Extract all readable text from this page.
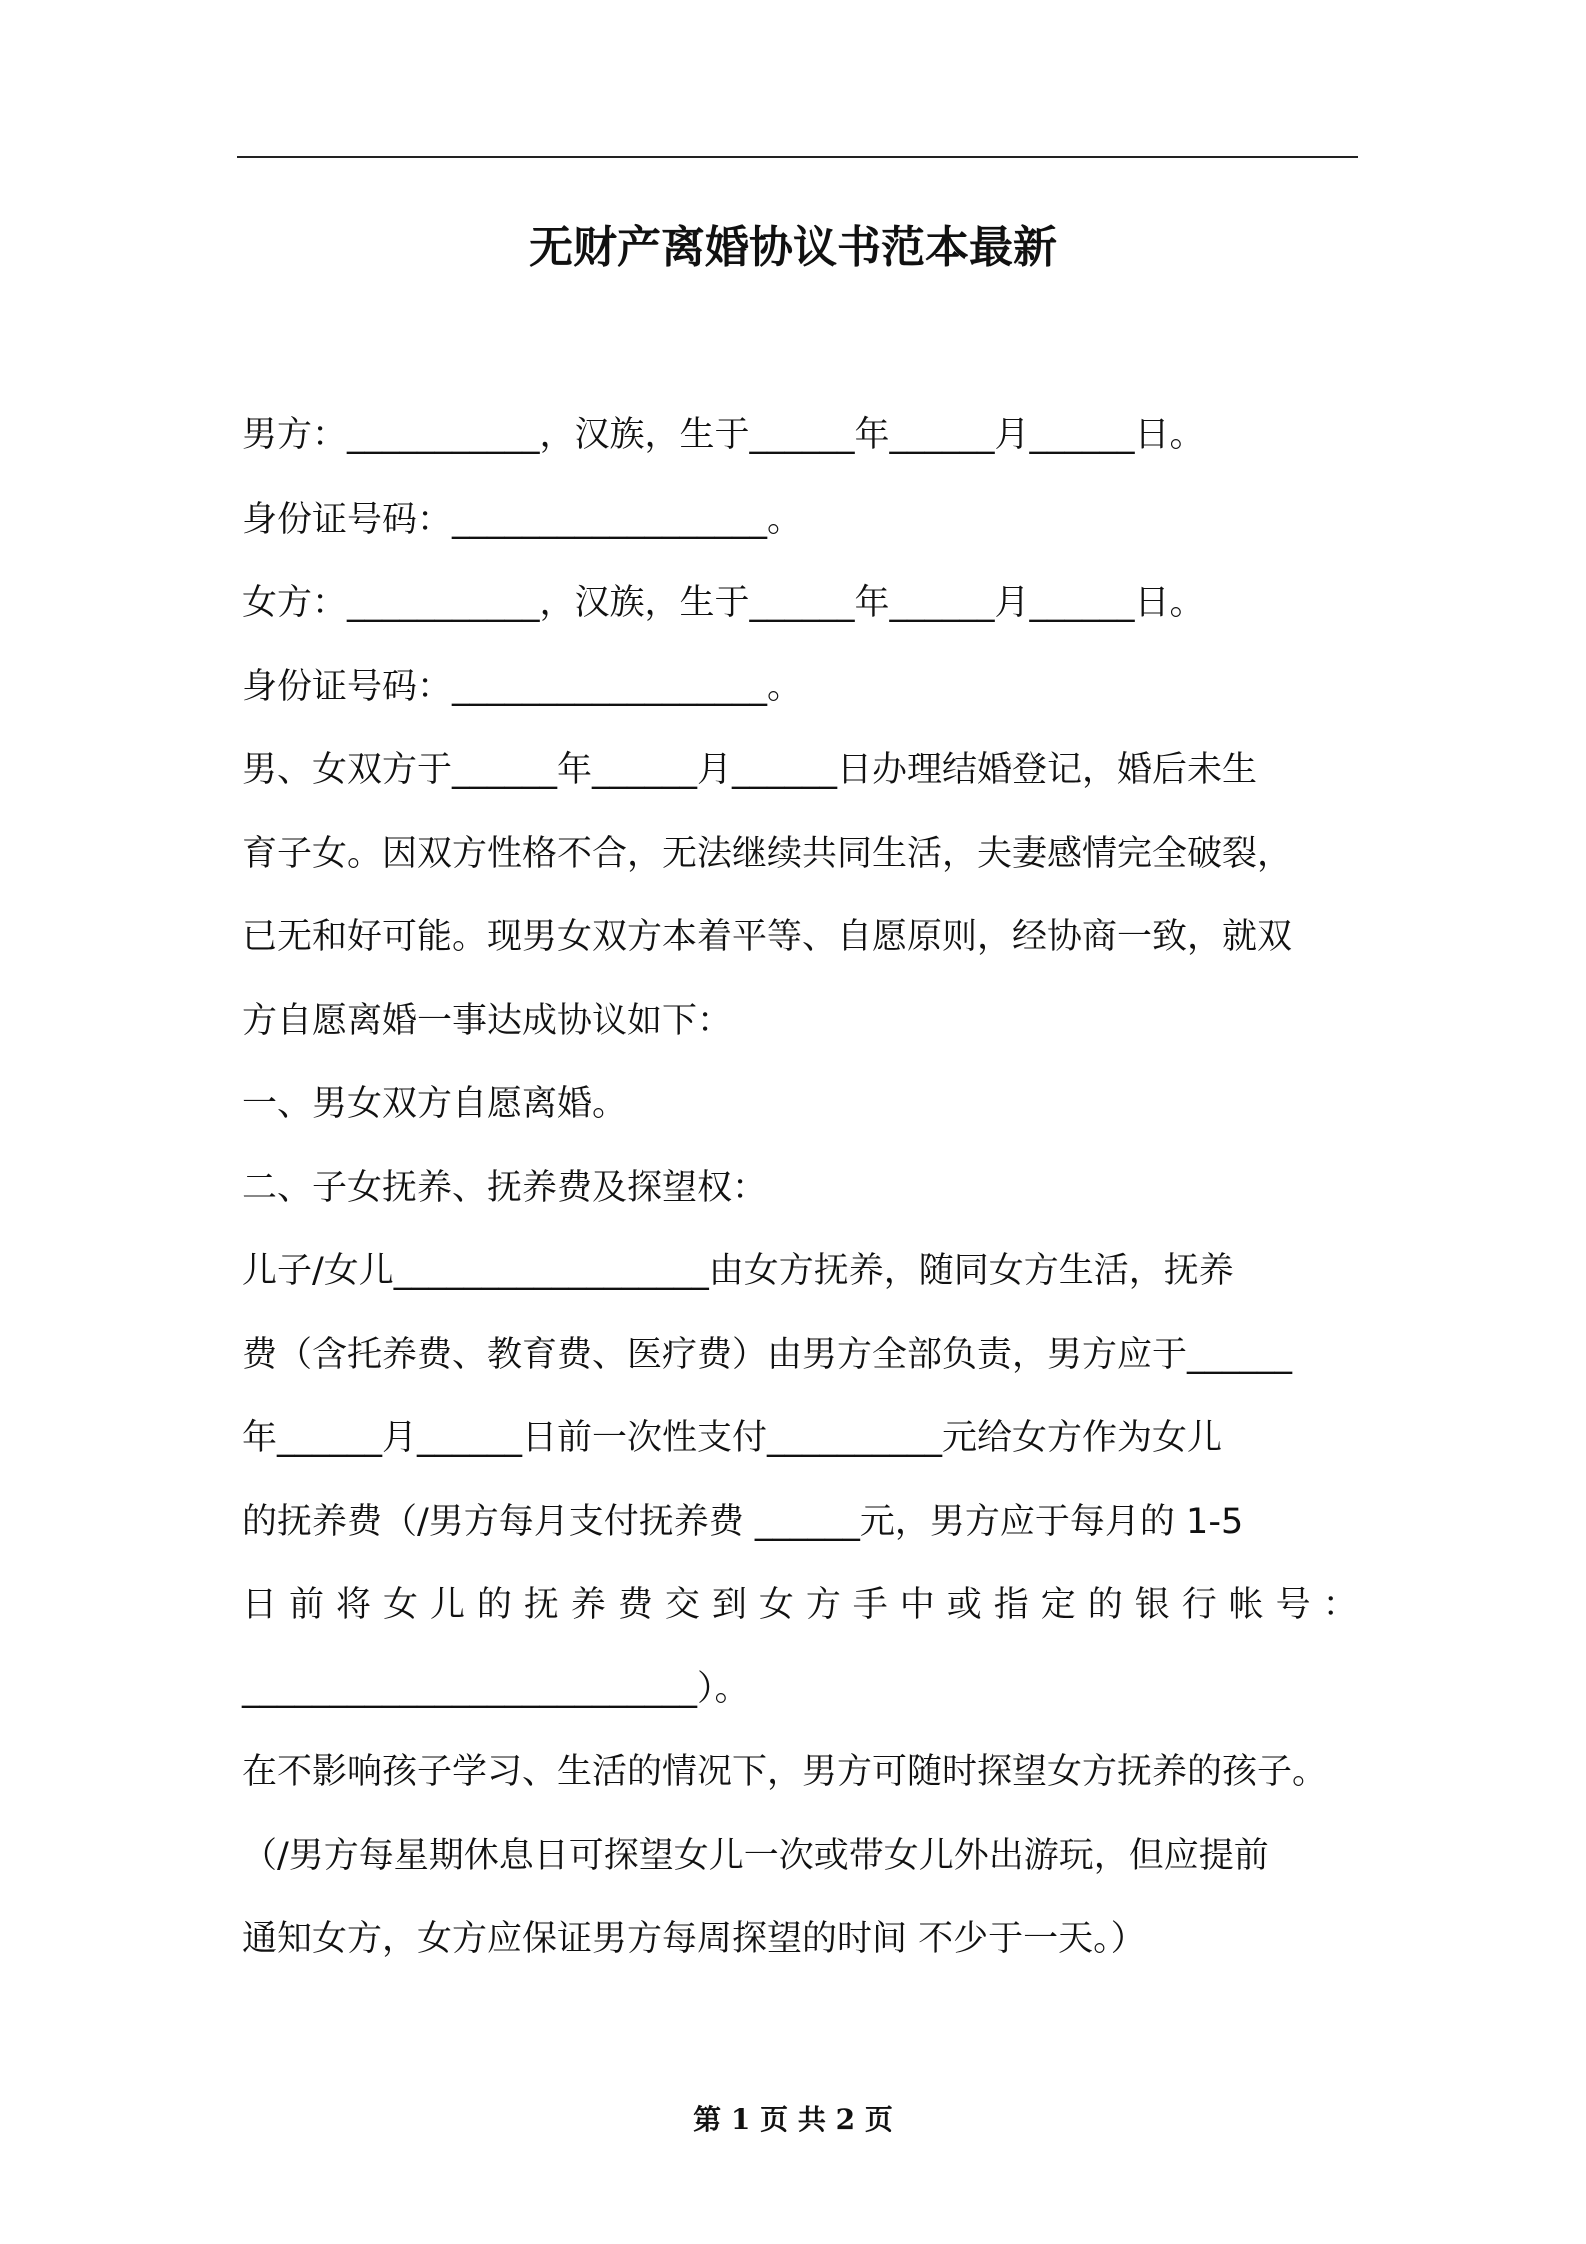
无财产离婚协议书范本最新
男方：___________，汉族，生于______年______月______日。
身份证号码：__________________。
女方：___________，汉族，生于______年______月______日。
身份证号码：__________________。
男、女双方于______年______月______日办理结婚登记，婚后未生
育子女。因双方性格不合，无法继续共同生活，夫妻感情完全破裂，
已无和好可能。现男女双方本着平等、自愿原则，经协商一致，就双
方自愿离婚一事达成协议如下：
一、男女双方自愿离婚。
二、子女抚养、抚养费及探望权：
儿子/女儿__________________由女方抚养，随同女方生活，抚养
费（含托养费、教育费、医疗费）由男方全部负责，男方应于______
年______月______日前一次性支付__________元给女方作为女儿
的抚养费（/男方每月支付抚养费 ______元，男方应于每月的 1-5
日 前 将 女 儿 的 抚 养 费 交 到 女 方 手 中 或 指 定 的 银 行 帐 号 ：
__________________________）。
在不影响孩子学习、生活的情况下，男方可随时探望女方抚养的孩子。
（/男方每星期休息日可探望女儿一次或带女儿外出游玩，但应提前
通知女方，女方应保证男方每周探望的时间 不少于一天。）
第 1 页 共 2 页
